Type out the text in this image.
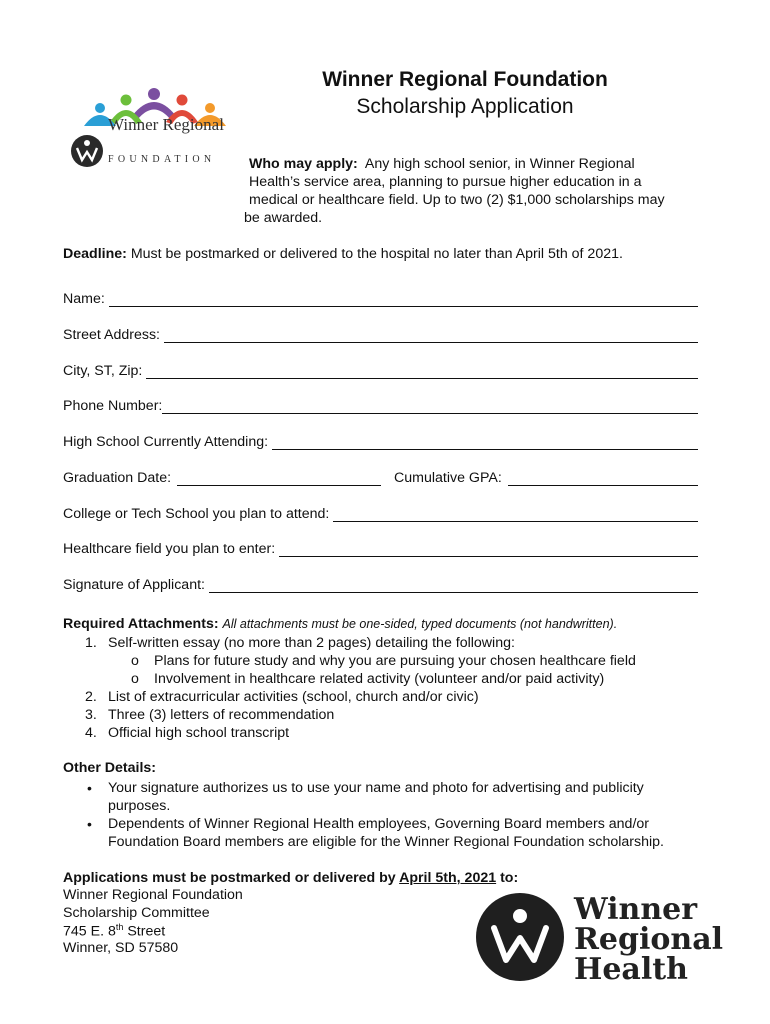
Winner Regional
FOUNDATION
Winner Regional Foundation
Scholarship Application
Who may apply: Any high school senior, in Winner Regional
Health’s service area, planning to pursue higher education in a
medical or healthcare field. Up to two (2) $1,000 scholarships may
be awarded.
Deadline: Must be postmarked or delivered to the hospital no later than April 5th of 2021.
Name:
Street Address:
City, ST, Zip:
Phone Number:
High School Currently Attending:
Graduation Date:	Cumulative GPA:
College or Tech School you plan to attend:
Healthcare field you plan to enter:
Signature of Applicant:
Required Attachments: All attachments must be one-sided, typed documents (not handwritten).
1. Self-written essay (no more than 2 pages) detailing the following:
o Plans for future study and why you are pursuing your chosen healthcare field
o Involvement in healthcare related activity (volunteer and/or paid activity)
2. List of extracurricular activities (school, church and/or civic)
3. Three (3) letters of recommendation
4. Official high school transcript
Other Details:
• Your signature authorizes us to use your name and photo for advertising and publicity
purposes.
• Dependents of Winner Regional Health employees, Governing Board members and/or
Foundation Board members are eligible for the Winner Regional Foundation scholarship.
Applications must be postmarked or delivered by April 5th, 2021 to:
Winner Regional Foundation
Scholarship Committee
745 E. 8th Street
Winner, SD 57580
Winner
Regional
Health
